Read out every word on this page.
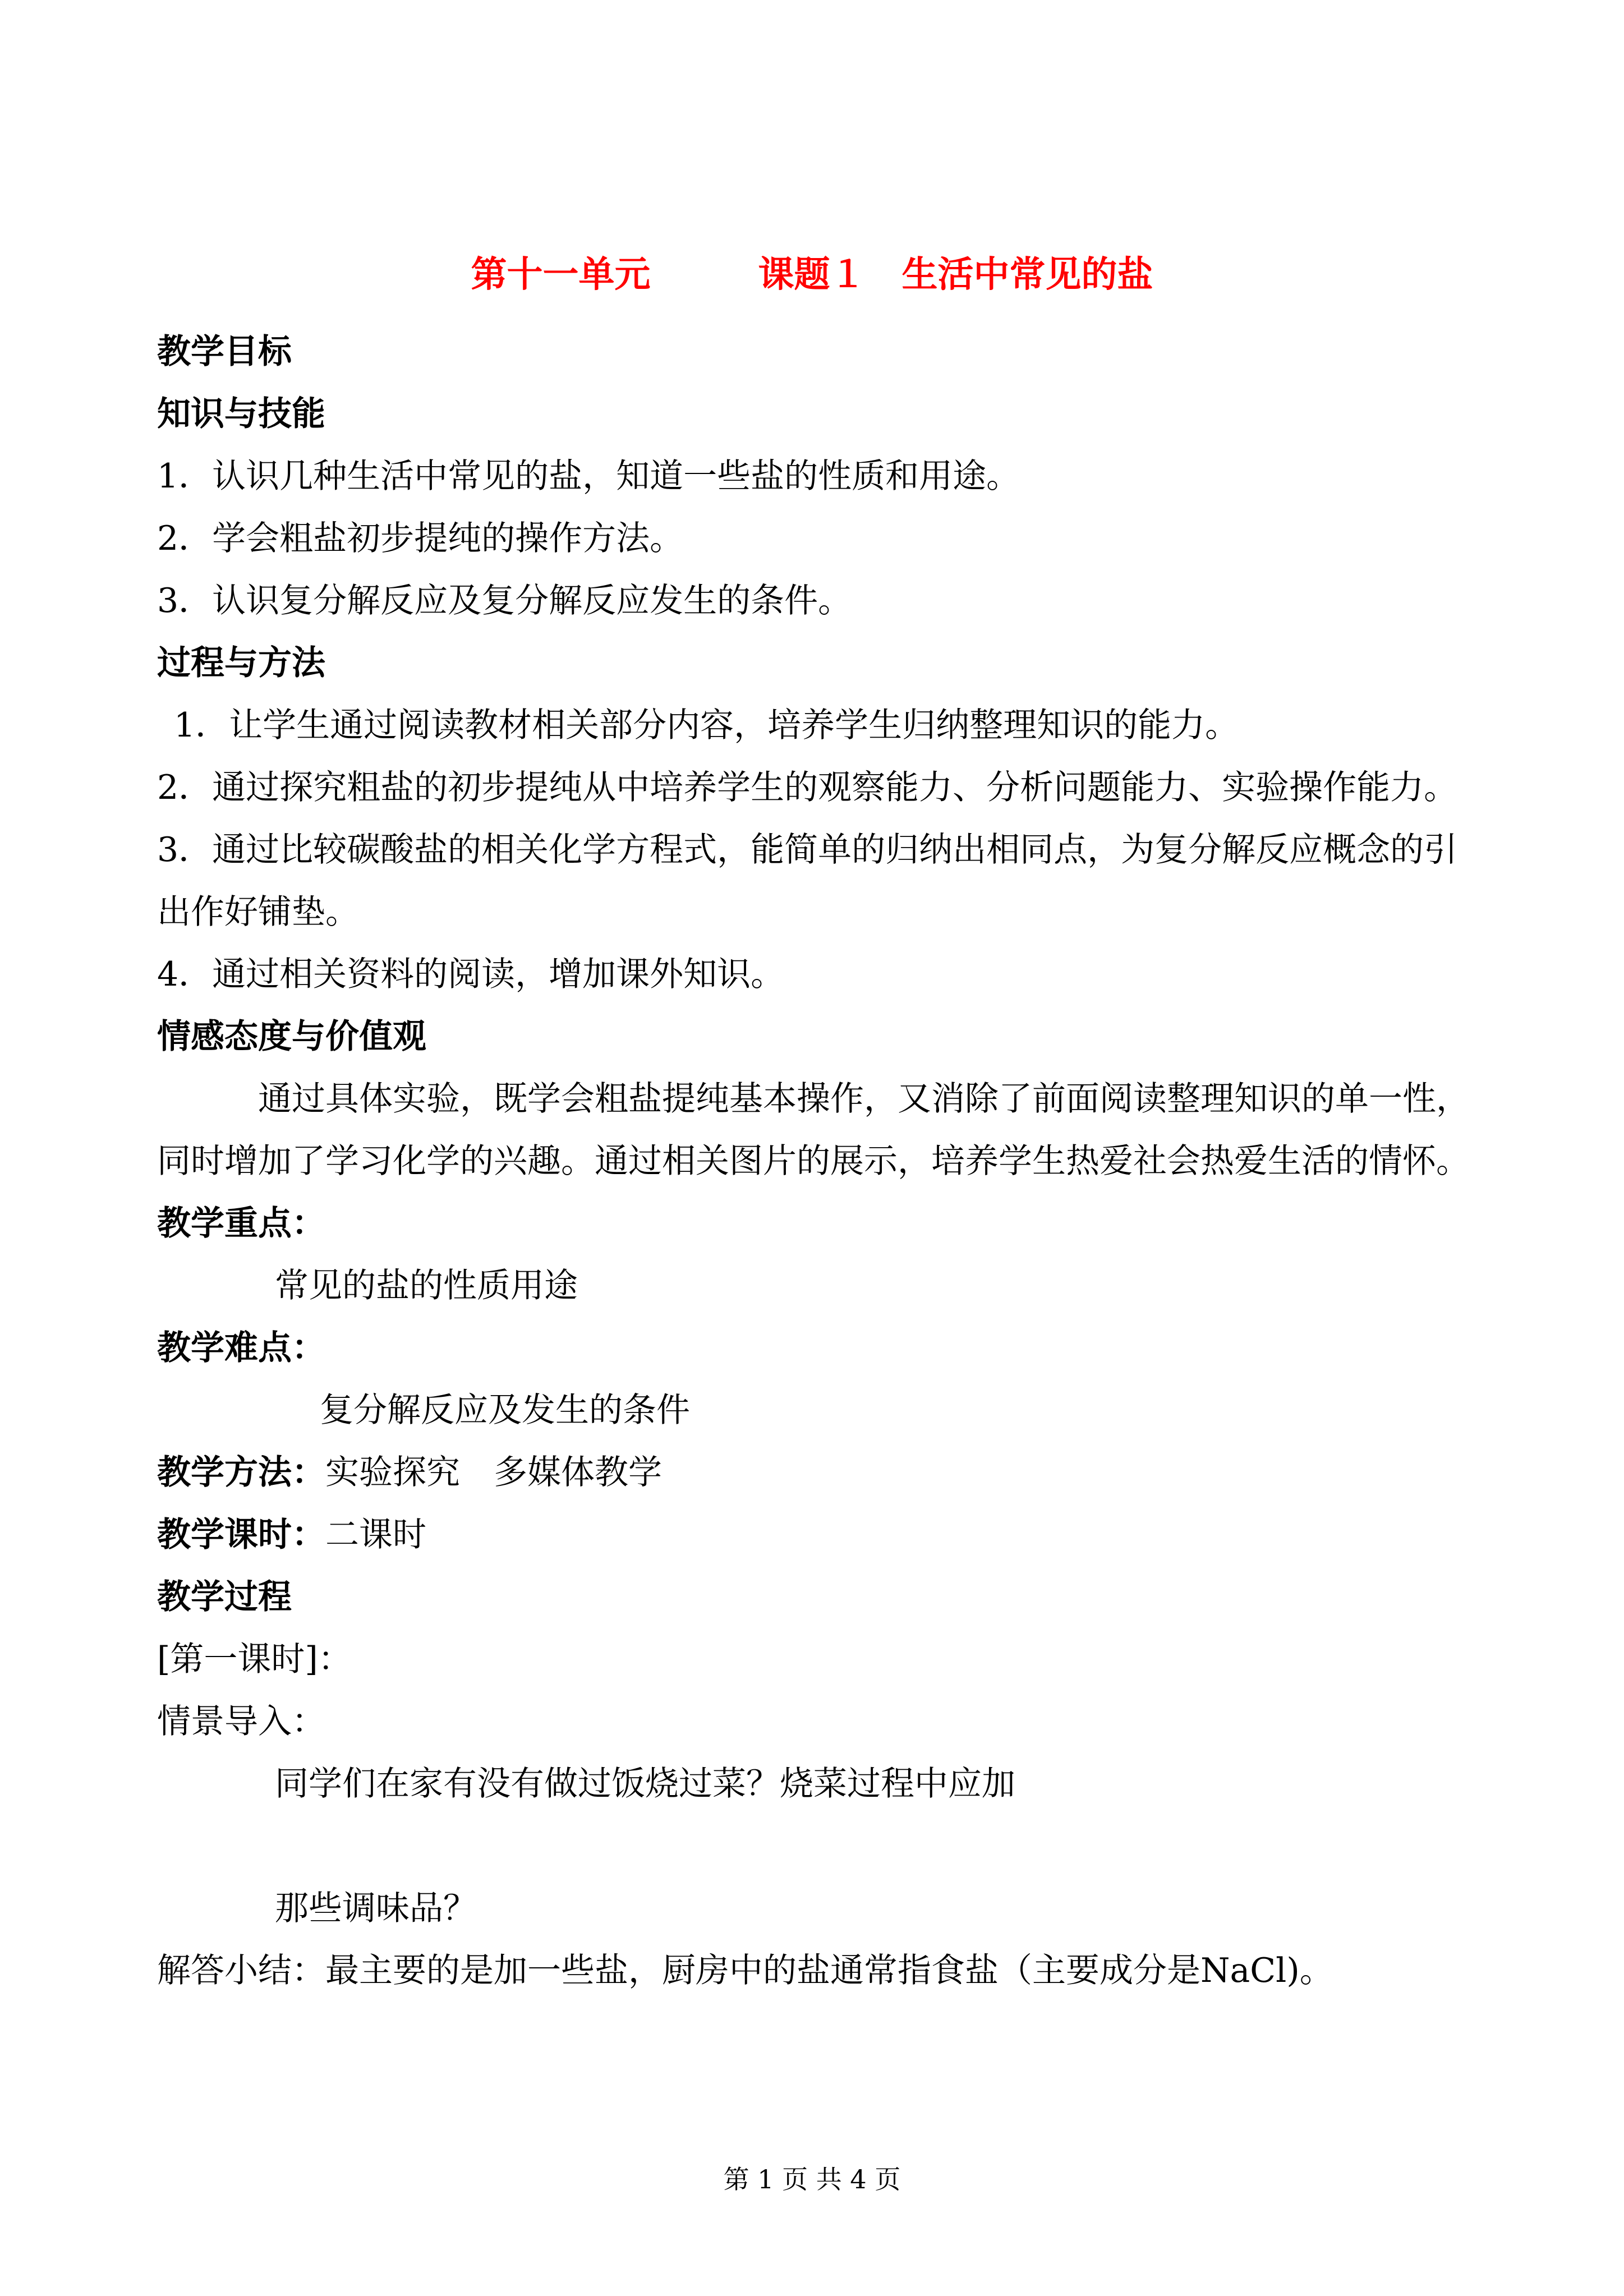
第十一单元　　　课题１　生活中常见的盐

教学目标

知识与技能

1．认识几种生活中常见的盐，知道一些盐的性质和用途。

2．学会粗盐初步提纯的操作方法。

3．认识复分解反应及复分解反应发生的条件。

过程与方法

1．让学生通过阅读教材相关部分内容，培养学生归纳整理知识的能力。

2．通过探究粗盐的初步提纯从中培养学生的观察能力、分析问题能力、实验操作能力。

3．通过比较碳酸盐的相关化学方程式，能简单的归纳出相同点，为复分解反应概念的引出作好铺垫。

4．通过相关资料的阅读，增加课外知识。

情感态度与价值观

通过具体实验，既学会粗盐提纯基本操作，又消除了前面阅读整理知识的单一性，同时增加了学习化学的兴趣。通过相关图片的展示，培养学生热爱社会热爱生活的情怀。

教学重点：

常见的盐的性质用途

教学难点：

复分解反应及发生的条件

教学方法：实验探究　多媒体教学

教学课时：二课时

教学过程

[第一课时]：

情景导入：

同学们在家有没有做过饭烧过菜？烧菜过程中应加

那些调味品？

解答小结：最主要的是加一些盐，厨房中的盐通常指食盐（主要成分是NaCl)。

第 1 页 共 4 页
